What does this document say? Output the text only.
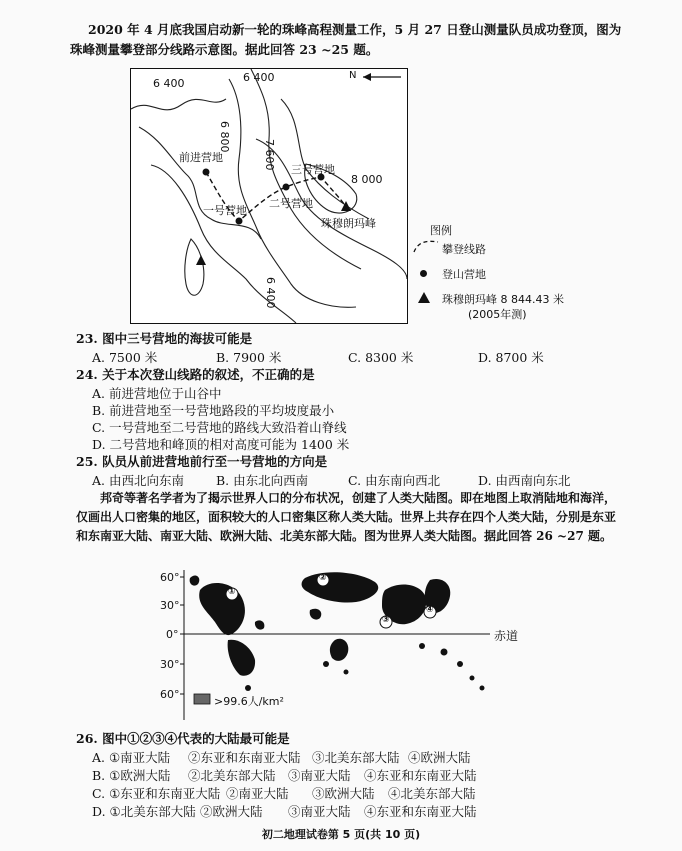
2020 年 4 月底我国启动新一轮的珠峰高程测量工作，5 月 27 日登山测量队员成功登顶，图为
珠峰测量攀登部分线路示意图。据此回答 23 ~25 题。
6 400	6 400
6 800
7 600
8 000
6 400
N
前进营地
一号营地
二号营地
三号营地
珠穆朗玛峰
图例
攀登线路
登山营地
珠穆朗玛峰 8 844.43 米
(2005年测)
23. 图中三号营地的海拔可能是
A. 7500 米	B. 7900 米	C. 8300 米	D. 8700 米
24. 关于本次登山线路的叙述，不正确的是
A. 前进营地位于山谷中
B. 前进营地至一号营地路段的平均坡度最小
C. 一号营地至二号营地的路线大致沿着山脊线
D. 二号营地和峰顶的相对高度可能为 1400 米
25. 队员从前进营地前行至一号营地的方向是
A. 由西北向东南	B. 由东北向西南	C. 由东南向西北	D. 由西南向东北
邦奇等著名学者为了揭示世界人口的分布状况，创建了人类大陆图。即在地图上取消陆地和海洋，
仅画出人口密集的地区，面积较大的人口密集区称人类大陆。世界上共存在四个人类大陆，分别是东亚
和东南亚大陆、南亚大陆、欧洲大陆、北美东部大陆。图为世界人类大陆图。据此回答 26 ~27 题。
①
②
③
④
60°
30°
0°
30°
60°
赤道
>99.6人/km²
26. 图中①②③④代表的大陆最可能是
A. ①南亚大陆 ②东亚和东南亚大陆 ③北美东部大陆 ④欧洲大陆
B. ①欧洲大陆 ②北美东部大陆 ③南亚大陆 ④东亚和东南亚大陆
C. ①东亚和东南亚大陆 ②南亚大陆 ③欧洲大陆 ④北美东部大陆
D. ①北美东部大陆 ②欧洲大陆 ③南亚大陆 ④东亚和东南亚大陆
初二地理试卷第 5 页(共 10 页)
